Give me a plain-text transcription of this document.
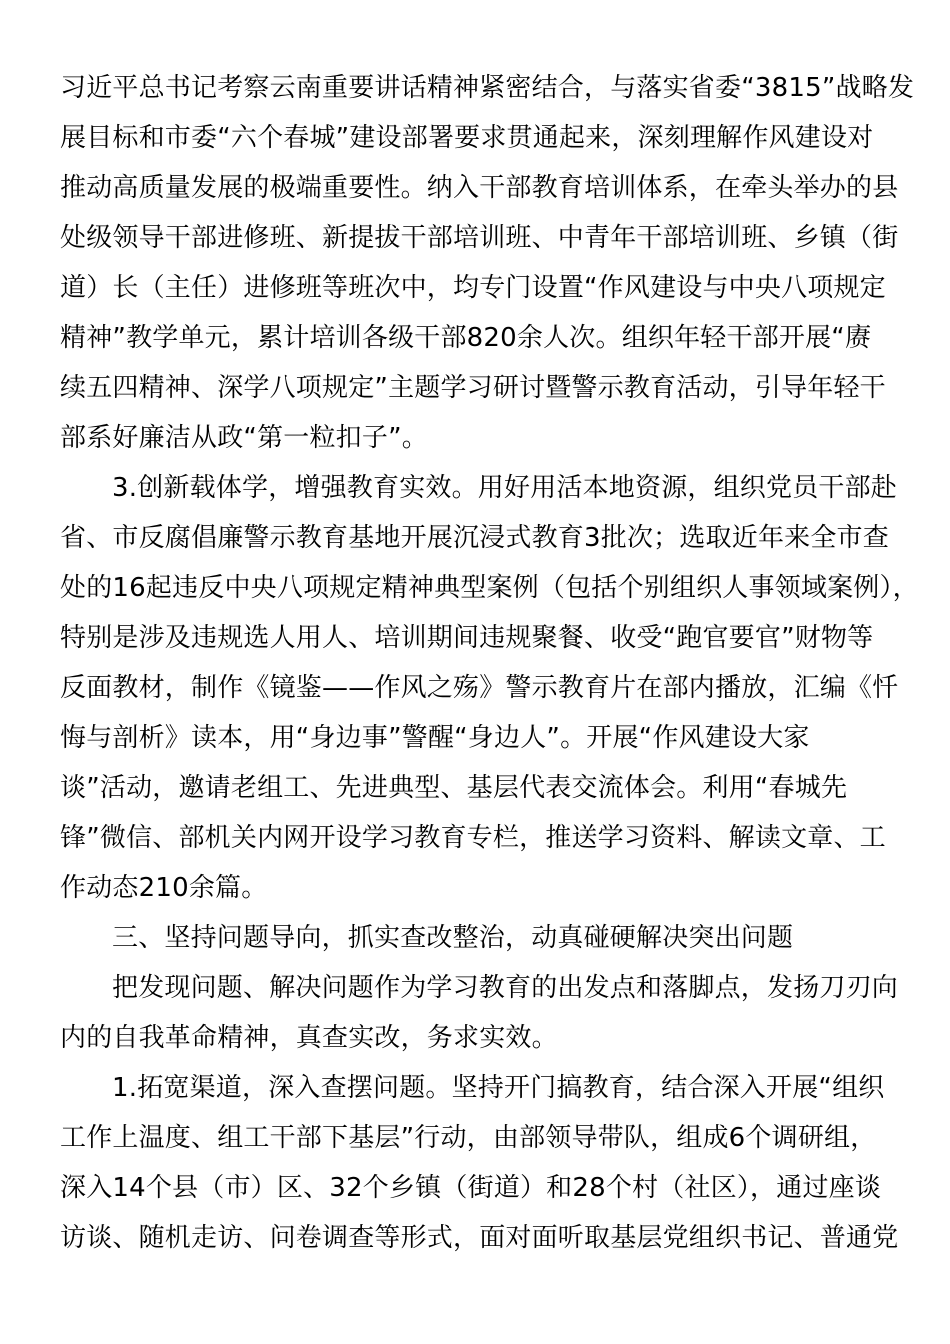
习近平总书记考察云南重要讲话精神紧密结合，与落实省委“3815”战略发
展目标和市委“六个春城”建设部署要求贯通起来，深刻理解作风建设对
推动高质量发展的极端重要性。纳入干部教育培训体系，在牵头举办的县
处级领导干部进修班、新提拔干部培训班、中青年干部培训班、乡镇（街
道）长（主任）进修班等班次中，均专门设置“作风建设与中央八项规定
精神”教学单元，累计培训各级干部820余人次。组织年轻干部开展“赓
续五四精神、深学八项规定”主题学习研讨暨警示教育活动，引导年轻干
部系好廉洁从政“第一粒扣子”。
3.创新载体学，增强教育实效。用好用活本地资源，组织党员干部赴
省、市反腐倡廉警示教育基地开展沉浸式教育3批次；选取近年来全市查
处的16起违反中央八项规定精神典型案例（包括个别组织人事领域案例），
特别是涉及违规选人用人、培训期间违规聚餐、收受“跑官要官”财物等
反面教材，制作《镜鉴——作风之殇》警示教育片在部内播放，汇编《忏
悔与剖析》读本，用“身边事”警醒“身边人”。开展“作风建设大家
谈”活动，邀请老组工、先进典型、基层代表交流体会。利用“春城先
锋”微信、部机关内网开设学习教育专栏，推送学习资料、解读文章、工
作动态210余篇。
三、坚持问题导向，抓实查改整治，动真碰硬解决突出问题
把发现问题、解决问题作为学习教育的出发点和落脚点，发扬刀刃向
内的自我革命精神，真查实改，务求实效。
1.拓宽渠道，深入查摆问题。坚持开门搞教育，结合深入开展“组织
工作上温度、组工干部下基层”行动，由部领导带队，组成6个调研组，
深入14个县（市）区、32个乡镇（街道）和28个村（社区），通过座谈
访谈、随机走访、问卷调查等形式，面对面听取基层党组织书记、普通党
